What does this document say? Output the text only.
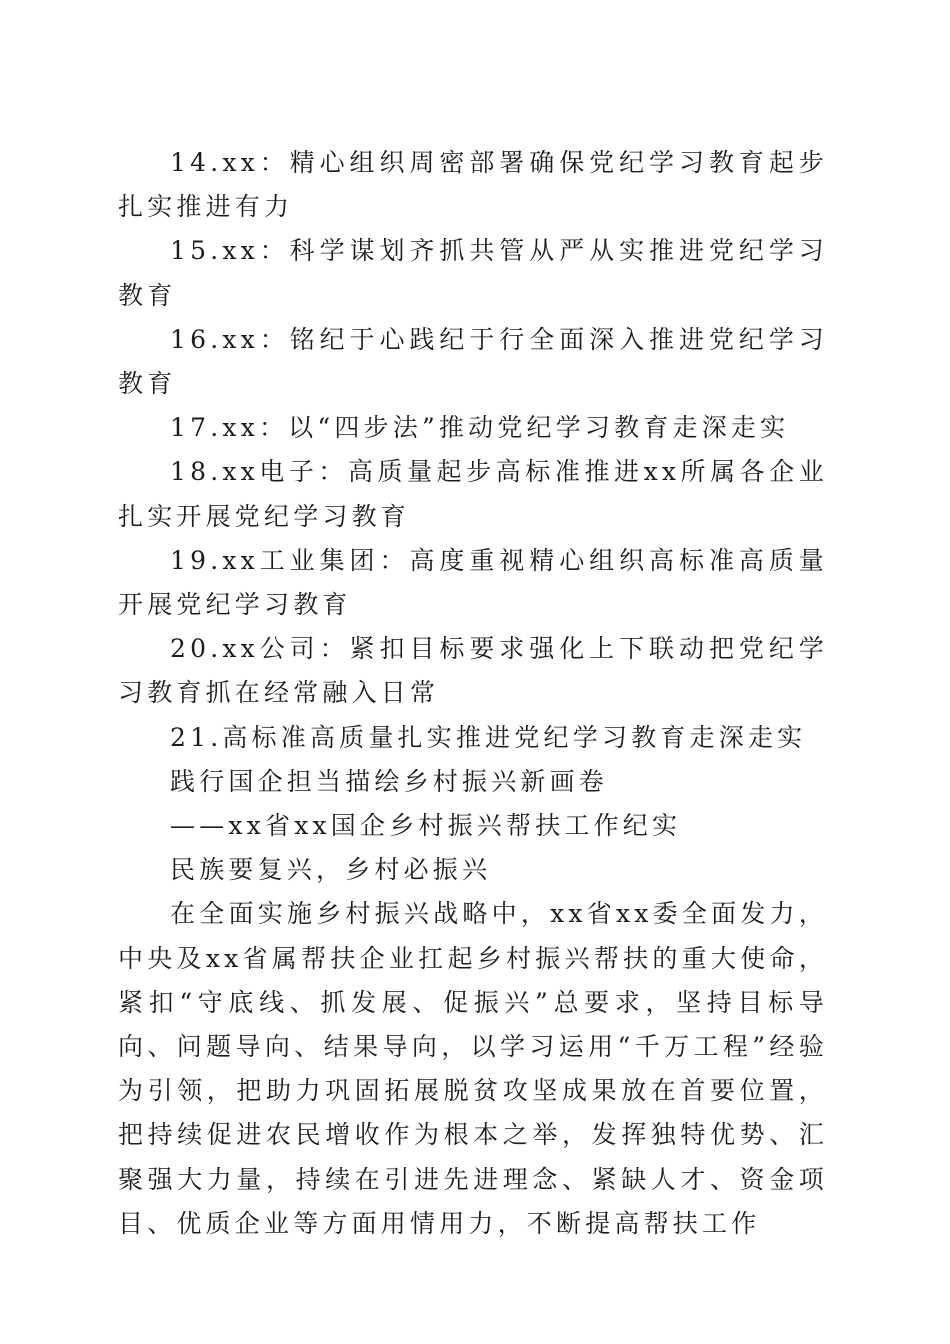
14.xx：精心组织周密部署确保党纪学习教育起步扎实推进有力

15.xx：科学谋划齐抓共管从严从实推进党纪学习教育

16.xx：铭纪于心践纪于行全面深入推进党纪学习教育

17.xx：以“四步法”推动党纪学习教育走深走实

18.xx电子：高质量起步高标准推进xx所属各企业扎实开展党纪学习教育

19.xx工业集团：高度重视精心组织高标准高质量开展党纪学习教育

20.xx公司：紧扣目标要求强化上下联动把党纪学习教育抓在经常融入日常

21.高标准高质量扎实推进党纪学习教育走深走实

践行国企担当描绘乡村振兴新画卷

——xx省xx国企乡村振兴帮扶工作纪实

民族要复兴，乡村必振兴

在全面实施乡村振兴战略中，xx省xx委全面发力，中央及xx省属帮扶企业扛起乡村振兴帮扶的重大使命，紧扣“守底线、抓发展、促振兴”总要求，坚持目标导向、问题导向、结果导向，以学习运用“千万工程”经验为引领，把助力巩固拓展脱贫攻坚成果放在首要位置，把持续促进农民增收作为根本之举，发挥独特优势、汇聚强大力量，持续在引进先进理念、紧缺人才、资金项目、优质企业等方面用情用力，不断提高帮扶工作
